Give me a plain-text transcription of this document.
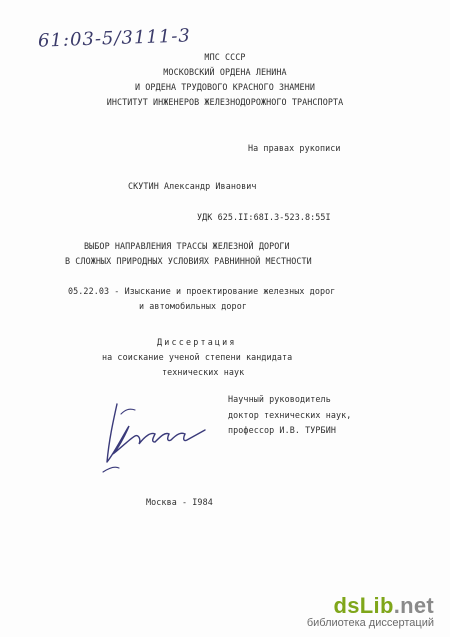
61:03-5/3111-3
МПС СССР
МОСКОВСКИЙ ОРДЕНА ЛЕНИНА
И ОРДЕНА ТРУДОВОГО КРАСНОГО ЗНАМЕНИ
ИНСТИТУТ ИНЖЕНЕРОВ ЖЕЛЕЗНОДОРОЖНОГО ТРАНСПОРТА
На правах рукописи
СКУТИН Александр Иванович
УДК 625.II:68I.3-523.8:55I
ВЫБОР НАПРАВЛЕНИЯ ТРАССЫ ЖЕЛЕЗНОЙ ДОРОГИ
В СЛОЖНЫХ ПРИРОДНЫХ УСЛОВИЯХ РАВНИННОЙ МЕСТНОСТИ
05.22.03 - Изыскание и проектирование железных дорог
и автомобильных дорог
Диссертация
на соискание ученой степени кандидата
технических наук
Научный руководитель
доктор технических наук,
профессор И.В. ТУРБИН
Москва - I984
dsLib.net
библиотека диссертаций
